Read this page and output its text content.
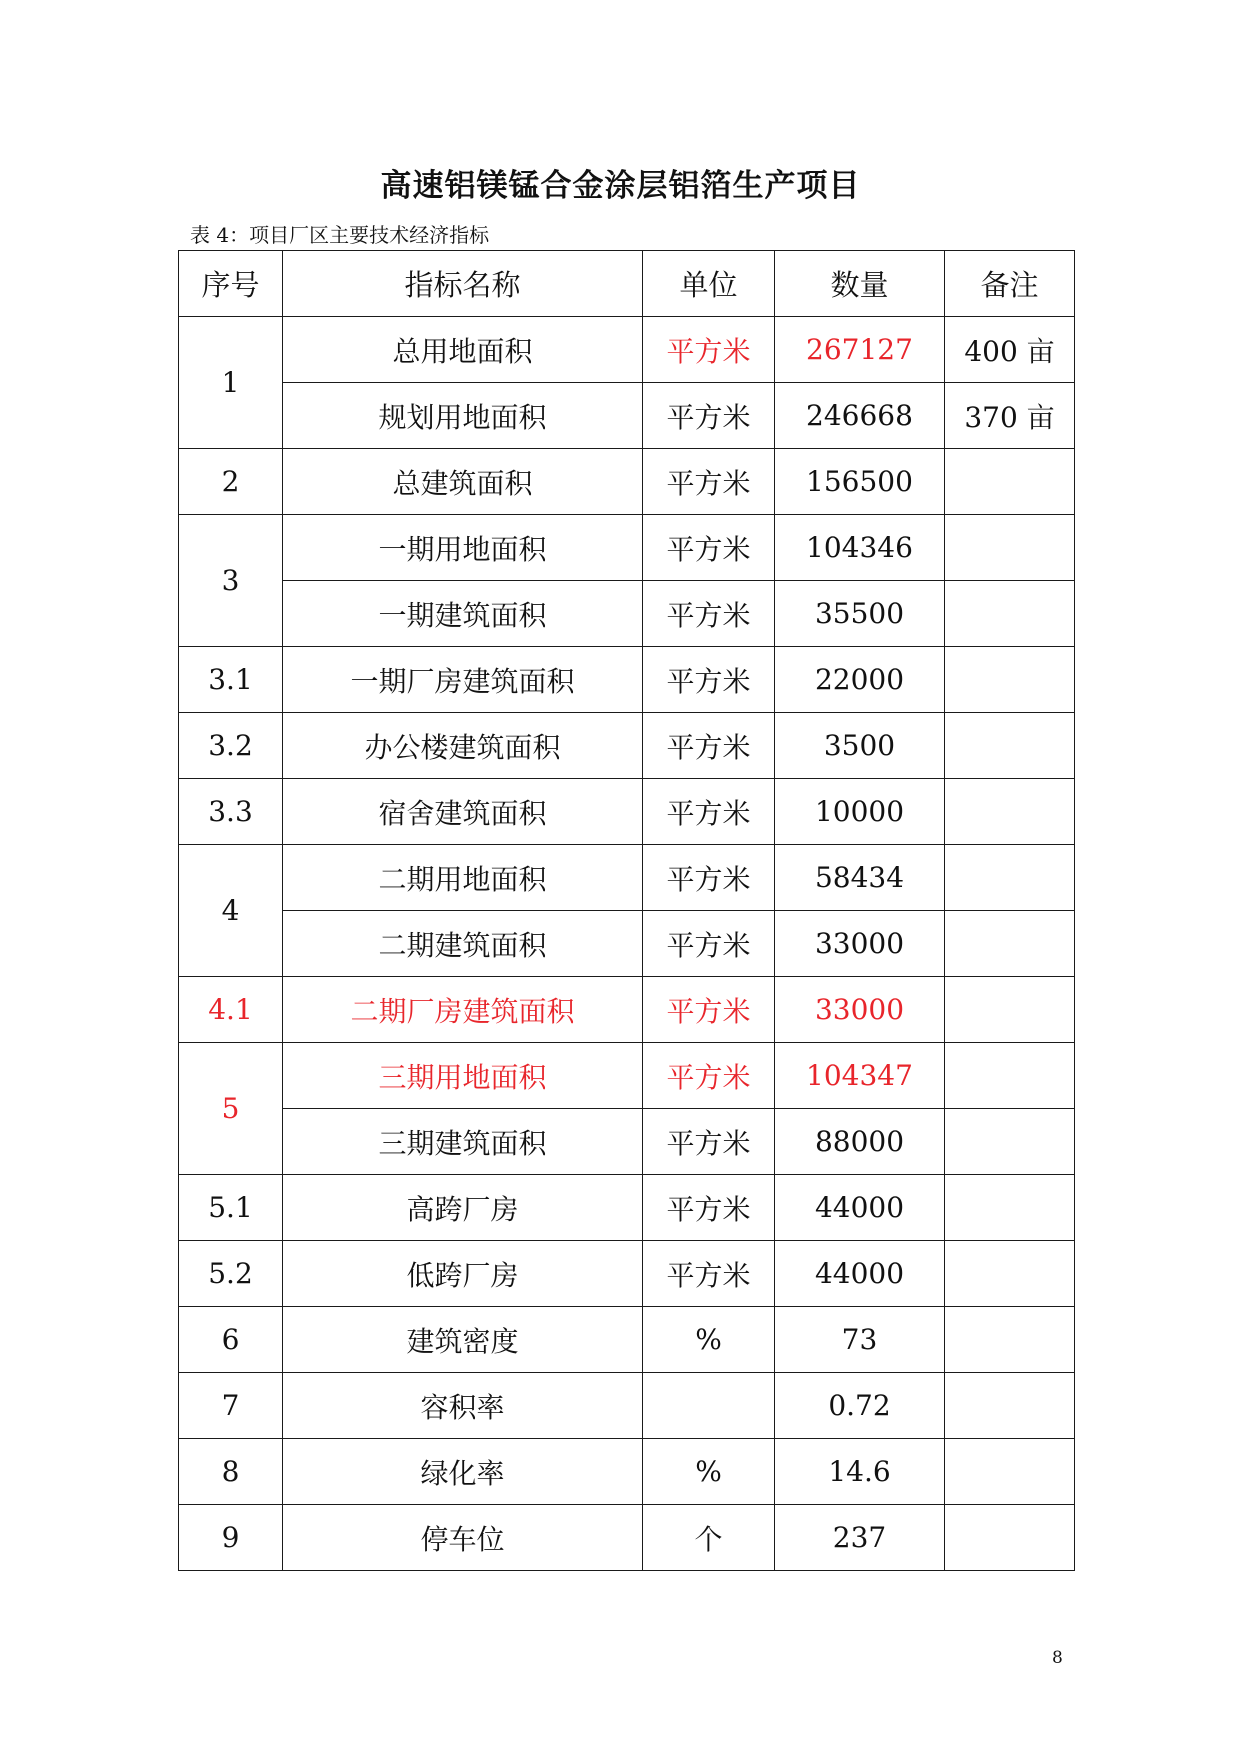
高速铝镁锰合金涂层铝箔生产项目
表 4：项目厂区主要技术经济指标
序号	指标名称	单位	数量	备注
1	总用地面积	平方米	267127	400 亩
	规划用地面积	平方米	246668	370 亩
2	总建筑面积	平方米	156500	
3	一期用地面积	平方米	104346	
	一期建筑面积	平方米	35500	
3.1	一期厂房建筑面积	平方米	22000	
3.2	办公楼建筑面积	平方米	3500	
3.3	宿舍建筑面积	平方米	10000	
4	二期用地面积	平方米	58434	
	二期建筑面积	平方米	33000	
4.1	二期厂房建筑面积	平方米	33000	
5	三期用地面积	平方米	104347	
	三期建筑面积	平方米	88000	
5.1	高跨厂房	平方米	44000	
5.2	低跨厂房	平方米	44000	
6	建筑密度	%	73	
7	容积率		0.72	
8	绿化率	%	14.6	
9	停车位	个	237	
8
